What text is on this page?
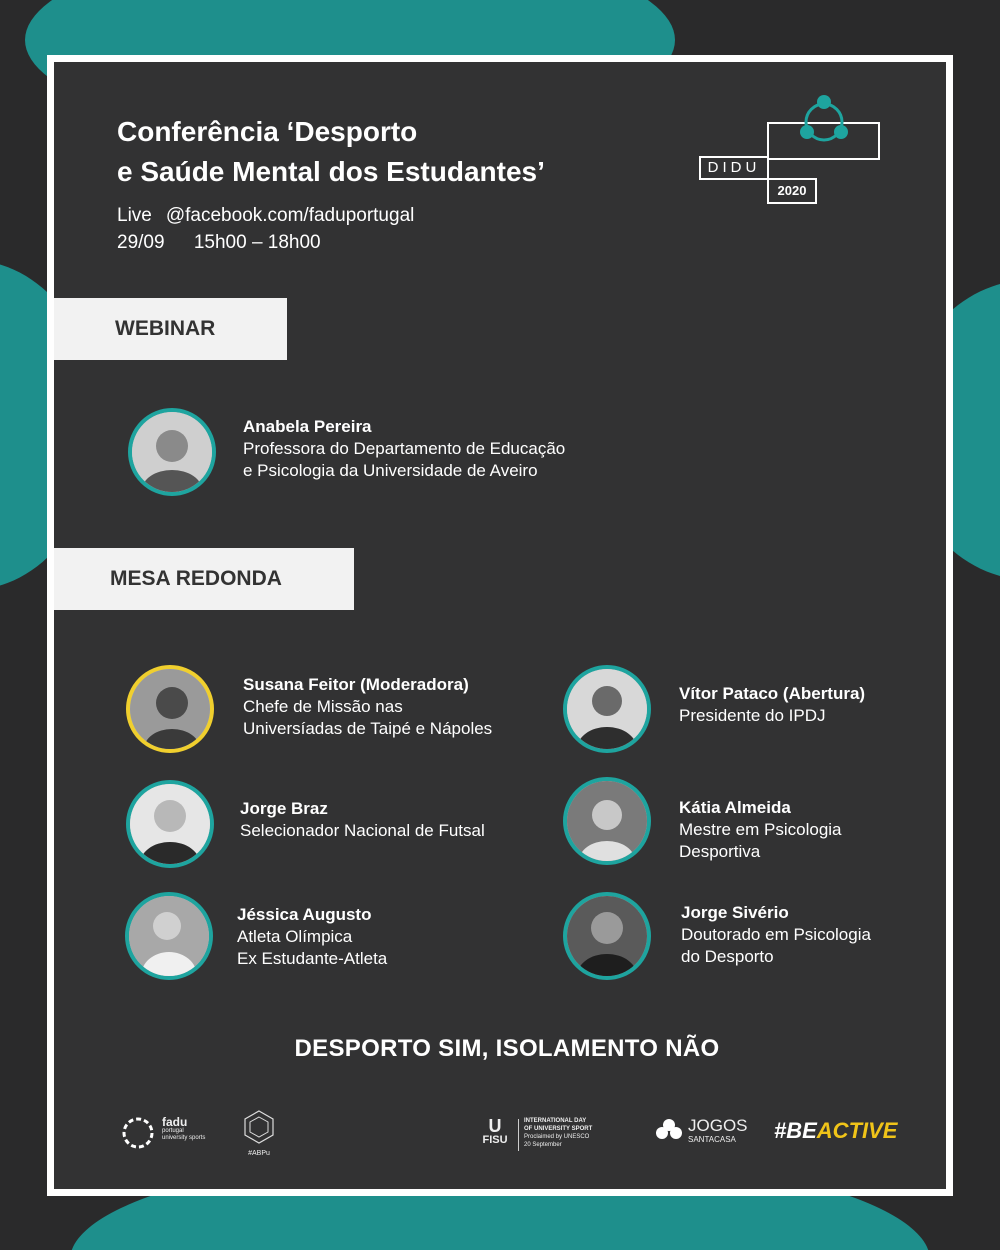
Conferência ‘Desporto
e Saúde Mental dos Estudantes’
Live @facebook.com/faduportugal
29/09 15h00 – 18h00
DIDU
2020
WEBINAR
Anabela Pereira
Professora do Departamento de Educação
e Psicologia da Universidade de Aveiro
MESA REDONDA
Susana Feitor (Moderadora)
Chefe de Missão nas
Universíadas de Taipé e Nápoles
Vítor Pataco (Abertura)
Presidente do IPDJ
Jorge Braz
Selecionador Nacional de Futsal
Kátia Almeida
Mestre em Psicologia
Desportiva
Jéssica Augusto
Atleta Olímpica
Ex Estudante-Atleta
Jorge Sivério
Doutorado em Psicologia
do Desporto
DESPORTO SIM, ISOLAMENTO NÃO
fadu
portugal
university sports
#ABPu
U
FISU
INTERNATIONAL DAY
OF UNIVERSITY SPORT
Proclaimed by UNESCO
20 September
JOGOS
SANTACASA	#BEACTIVE
